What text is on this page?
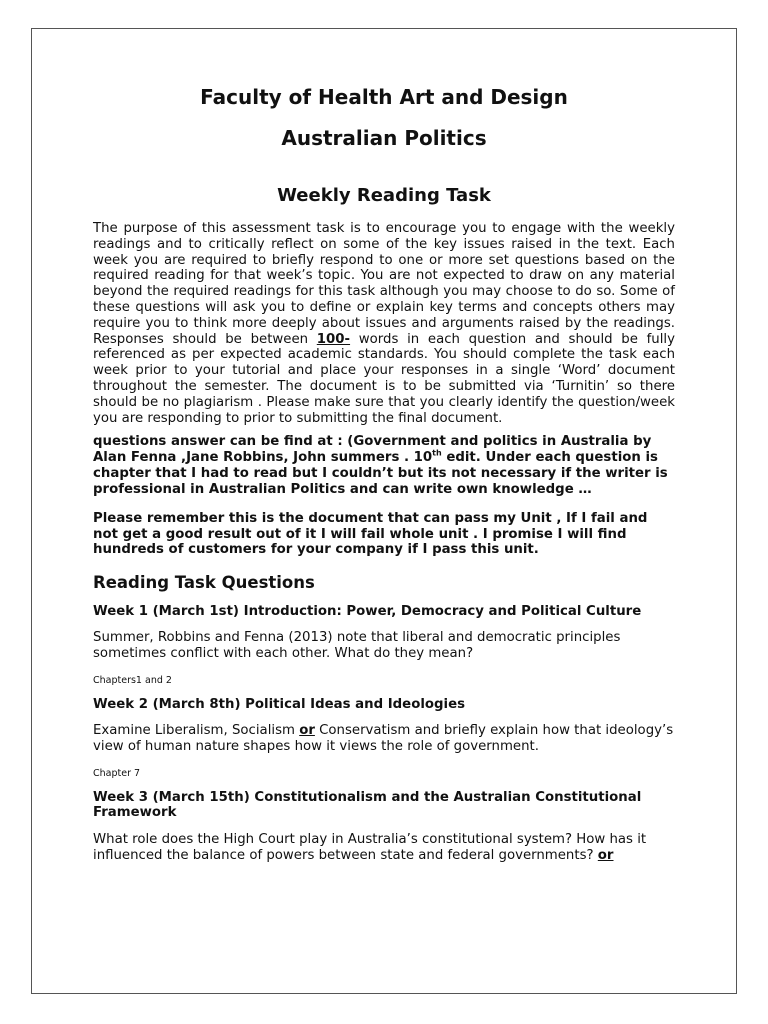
Faculty of Health Art and Design
Australian Politics
Weekly Reading Task

The purpose of this assessment task is to encourage you to engage with the weekly readings and to critically reflect on some of the key issues raised in the text. Each week you are required to briefly respond to one or more set questions based on the required reading for that week’s topic. You are not expected to draw on any material beyond the required readings for this task although you may choose to do so. Some of these questions will ask you to define or explain key terms and concepts others may require you to think more deeply about issues and arguments raised by the readings. Responses should be between 100- words in each question and should be fully referenced as per expected academic standards. You should complete the task each week prior to your tutorial and place your responses in a single ‘Word’ document throughout the semester. The document is to be submitted via ‘Turnitin’ so there should be no plagiarism . Please make sure that you clearly identify the question/week you are responding to prior to submitting the final document.

questions answer can be find at : (Government and politics in Australia by Alan Fenna ,Jane Robbins, John summers . 10th edit. Under each question is chapter that I had to read but I couldn’t but its not necessary if the writer is professional in Australian Politics and can write own knowledge …

Please remember this is the document that can pass my Unit , If I fail and not get a good result out of it I will fail whole unit . I promise I will find hundreds of customers for your company if I pass this unit.

Reading Task Questions

Week 1 (March 1st) Introduction: Power, Democracy and Political Culture

Summer, Robbins and Fenna (2013) note that liberal and democratic principles sometimes conflict with each other. What do they mean?

Chapters1 and 2

Week 2 (March 8th) Political Ideas and Ideologies

Examine Liberalism, Socialism or Conservatism and briefly explain how that ideology’s view of human nature shapes how it views the role of government.

Chapter 7

Week 3 (March 15th) Constitutionalism and the Australian Constitutional Framework

What role does the High Court play in Australia’s constitutional system? How has it influenced the balance of powers between state and federal governments? or
